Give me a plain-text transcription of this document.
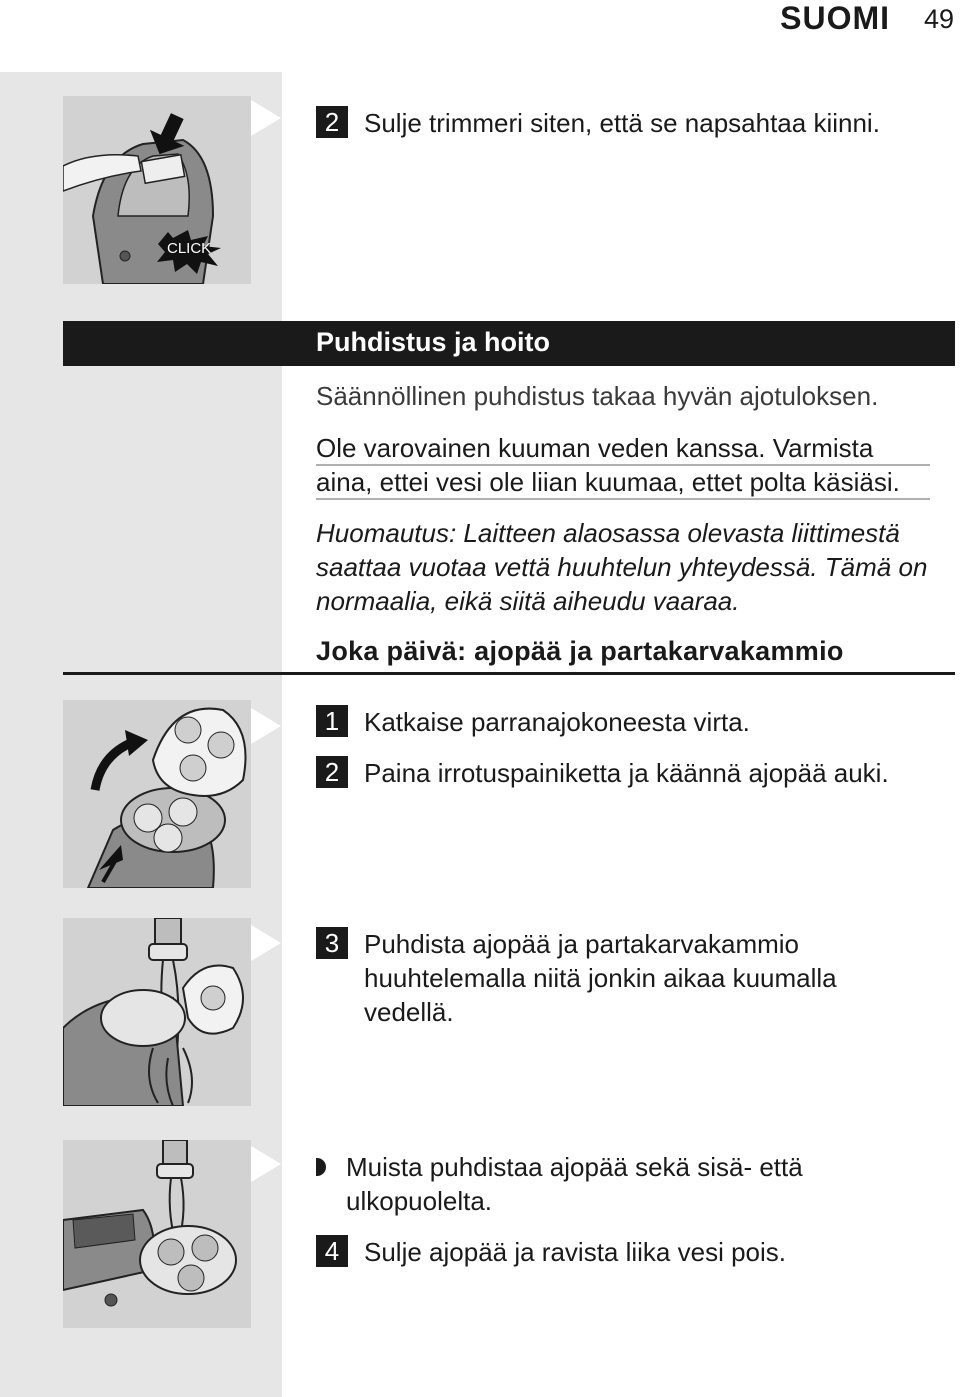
SUOMI 49
CLICK
2 Sulje trimmeri siten, että se napsahtaa kiinni.
Puhdistus ja hoito
Säännöllinen puhdistus takaa hyvän ajotuloksen.
Ole varovainen kuuman veden kanssa. Varmista
aina, ettei vesi ole liian kuumaa, ettet polta käsiäsi.
Huomautus: Laitteen alaosassa olevasta liittimestä
saattaa vuotaa vettä huuhtelun yhteydessä. Tämä on
normaalia, eikä siitä aiheudu vaaraa.
Joka päivä: ajopää ja partakarvakammio
1 Katkaise parranajokoneesta virta.
2 Paina irrotuspainiketta ja käännä ajopää auki.
3 Puhdista ajopää ja partakarvakammio
huuhtelemalla niitä jonkin aikaa kuumalla
vedellä.
Muista puhdistaa ajopää sekä sisä- että
ulkopuolelta.
4 Sulje ajopää ja ravista liika vesi pois.
